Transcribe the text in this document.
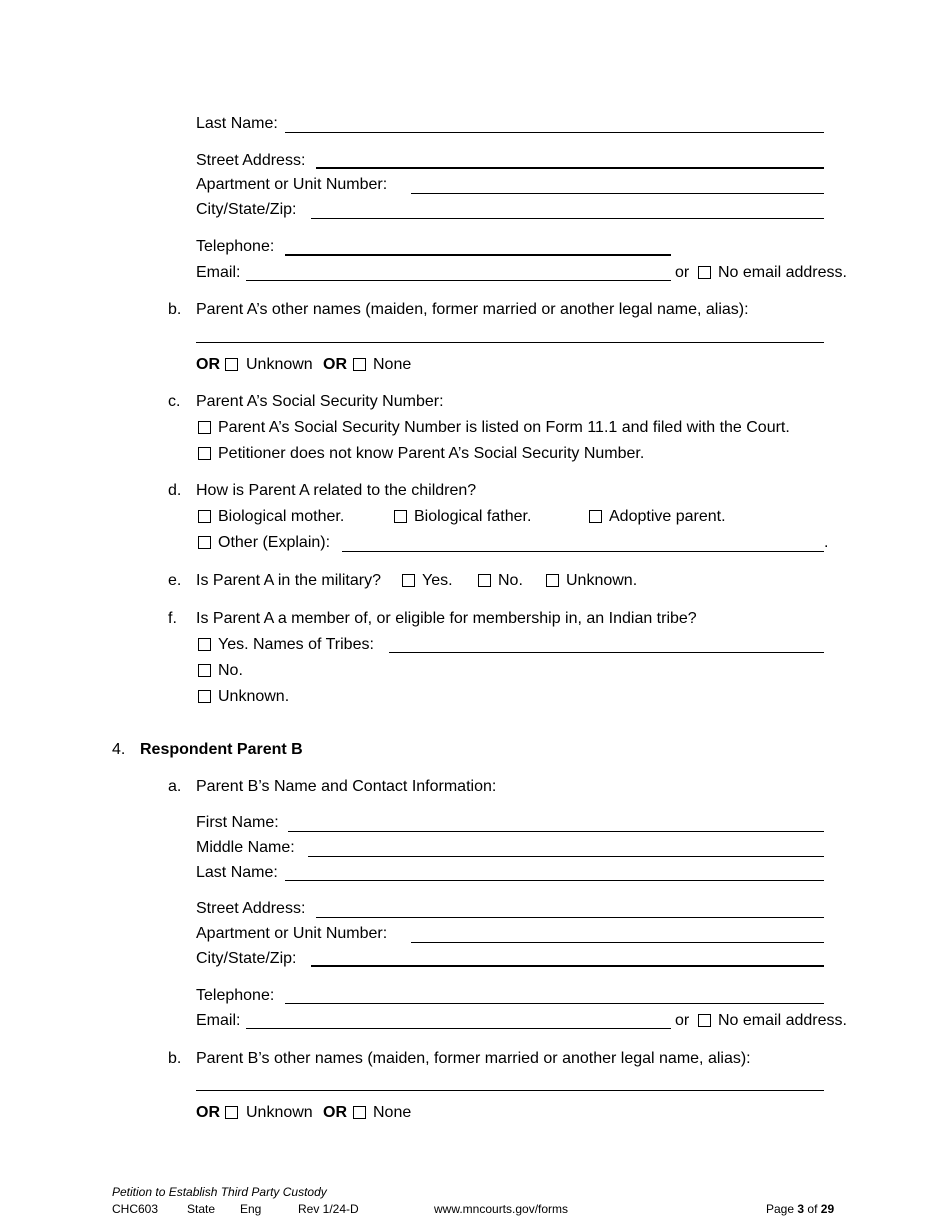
Last Name:
Street Address:
Apartment or Unit Number:
City/State/Zip:
Telephone:
Email:	or No email address.
b. Parent A’s other names (maiden, former married or another legal name, alias):
OR Unknown OR None
c. Parent A’s Social Security Number:
Parent A’s Social Security Number is listed on Form 11.1 and filed with the Court.
Petitioner does not know Parent A’s Social Security Number.
d. How is Parent A related to the children?
Biological mother.	Biological father.	Adoptive parent.
Other (Explain):	.
e. Is Parent A in the military?	Yes.	No.	Unknown.
f. Is Parent A a member of, or eligible for membership in, an Indian tribe?
Yes. Names of Tribes:
No.
Unknown.
4. Respondent Parent B
a. Parent B’s Name and Contact Information:
First Name:
Middle Name:
Last Name:
Street Address:
Apartment or Unit Number:
City/State/Zip:
Telephone:
Email:	or No email address.
b. Parent B’s other names (maiden, former married or another legal name, alias):
OR Unknown OR None
Petition to Establish Third Party Custody
CHC603 State Eng	Rev 1/24-D	www.mncourts.gov/forms	Page 3 of 29
